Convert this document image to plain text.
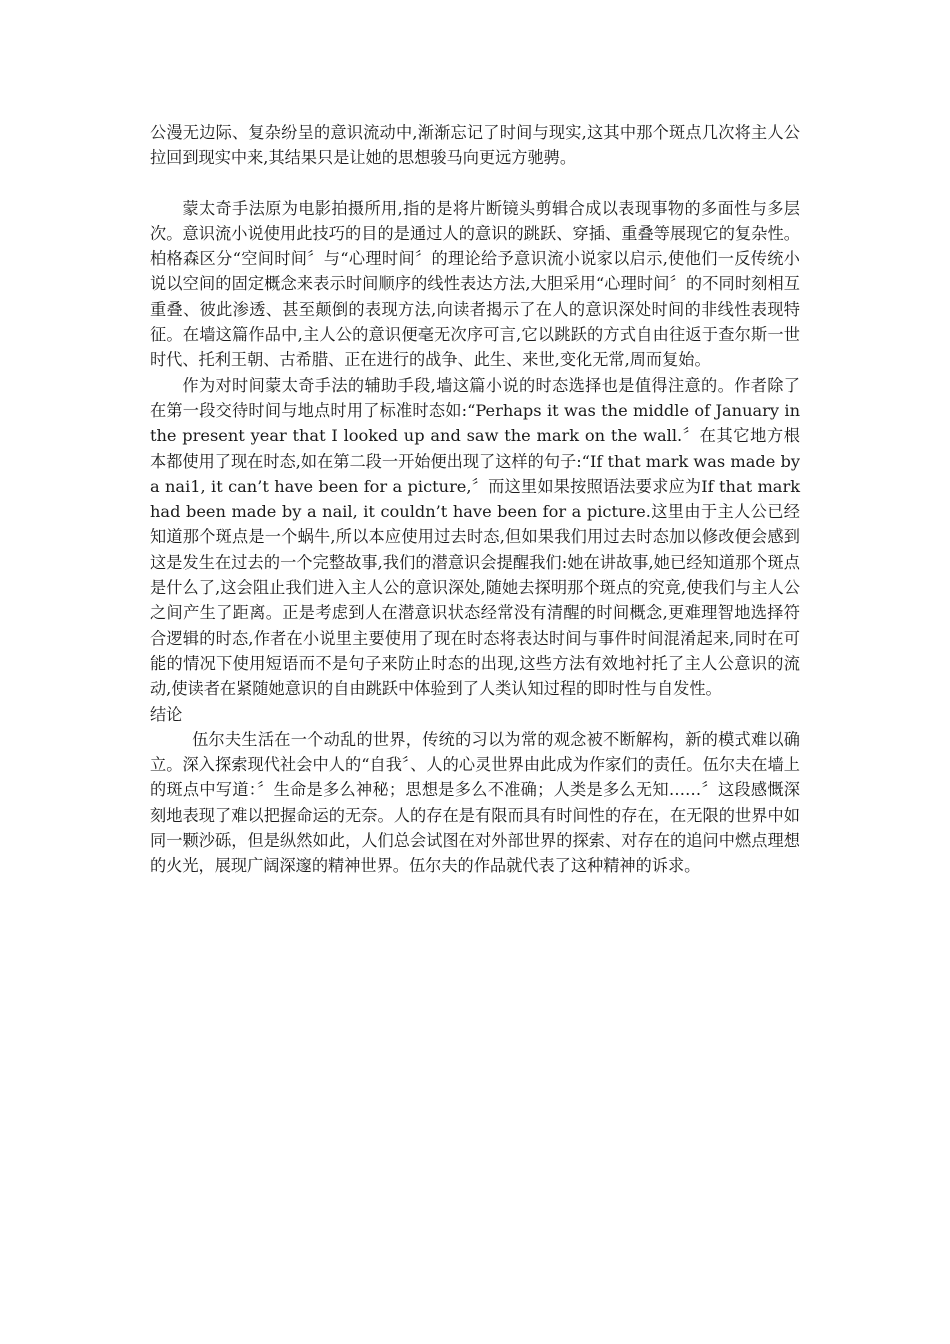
公漫无边际、复杂纷呈的意识流动中,渐渐忘记了时间与现实,这其中那个斑点几次将主人公拉回到现实中来,其结果只是让她的思想骏马向更远方驰骋。

蒙太奇手法原为电影拍摄所用,指的是将片断镜头剪辑合成以表现事物的多面性与多层次。意识流小说使用此技巧的目的是通过人的意识的跳跃、穿插、重叠等展现它的复杂性。柏格森区分“空间时间〞与“心理时间〞的理论给予意识流小说家以启示,使他们一反传统小说以空间的固定概念来表示时间顺序的线性表达方法,大胆采用“心理时间〞的不同时刻相互重叠、彼此渗透、甚至颠倒的表现方法,向读者揭示了在人的意识深处时间的非线性表现特征。在墙这篇作品中,主人公的意识便毫无次序可言,它以跳跃的方式自由往返于查尔斯一世时代、托利王朝、古希腊、正在进行的战争、此生、来世,变化无常,周而复始。

作为对时间蒙太奇手法的辅助手段,墙这篇小说的时态选择也是值得注意的。作者除了在第一段交待时间与地点时用了标准时态如:“Perhaps it was the middle of January in the present year that I looked up and saw the mark on the wall.〞在其它地方根本都使用了现在时态,如在第二段一开始便出现了这样的句子:“If that mark was made by a nai1, it can’t have been for a picture,〞而这里如果按照语法要求应为If that mark had been made by a nail, it couldn’t have been for a picture.这里由于主人公已经知道那个斑点是一个蜗牛,所以本应使用过去时态,但如果我们用过去时态加以修改便会感到这是发生在过去的一个完整故事,我们的潜意识会提醒我们:她在讲故事,她已经知道那个斑点是什么了,这会阻止我们进入主人公的意识深处,随她去探明那个斑点的究竟,使我们与主人公之间产生了距离。正是考虑到人在潜意识状态经常没有清醒的时间概念,更难理智地选择符合逻辑的时态,作者在小说里主要使用了现在时态将表达时间与事件时间混淆起来,同时在可能的情况下使用短语而不是句子来防止时态的出现,这些方法有效地衬托了主人公意识的流动,使读者在紧随她意识的自由跳跃中体验到了人类认知过程的即时性与自发性。

结论

伍尔夫生活在一个动乱的世界，传统的习以为常的观念被不断解构，新的模式难以确立。深入探索现代社会中人的“自我〞、人的心灵世界由此成为作家们的责任。伍尔夫在墙上的斑点中写道：〞生命是多么神秘；思想是多么不准确；人类是多么无知……〞这段感慨深刻地表现了难以把握命运的无奈。人的存在是有限而具有时间性的存在，在无限的世界中如同一颗沙砾，但是纵然如此，人们总会试图在对外部世界的探索、对存在的追问中燃点理想的火光，展现广阔深邃的精神世界。伍尔夫的作品就代表了这种精神的诉求。
